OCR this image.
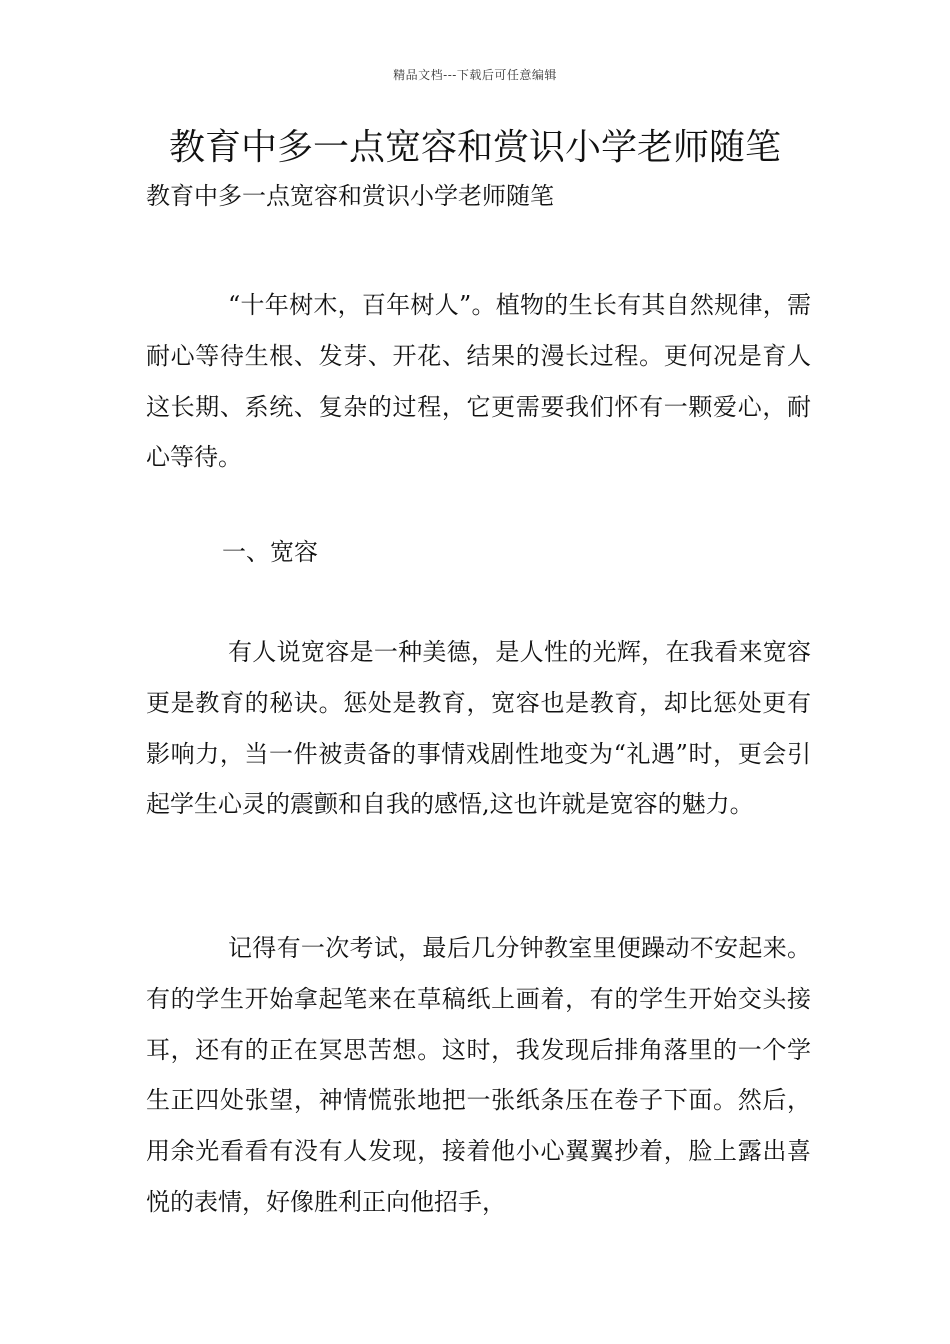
精品文档---下载后可任意编辑
教育中多一点宽容和赏识小学老师随笔
教育中多一点宽容和赏识小学老师随笔

“十年树木，百年树人”。植物的生长有其自然规律，需耐心等待生根、发芽、开花、结果的漫长过程。更何况是育人这长期、系统、复杂的过程，它更需要我们怀有一颗爱心，耐心等待。

一、宽容

有人说宽容是一种美德，是人性的光辉，在我看来宽容更是教育的秘诀。惩处是教育，宽容也是教育，却比惩处更有影响力，当一件被责备的事情戏剧性地变为“礼遇”时，更会引起学生心灵的震颤和自我的感悟,这也许就是宽容的魅力。

记得有一次考试，最后几分钟教室里便躁动不安起来。有的学生开始拿起笔来在草稿纸上画着，有的学生开始交头接耳，还有的正在冥思苦想。这时，我发现后排角落里的一个学生正四处张望，神情慌张地把一张纸条压在卷子下面。然后，用余光看看有没有人发现，接着他小心翼翼抄着，脸上露出喜悦的表情，好像胜利正向他招手，
